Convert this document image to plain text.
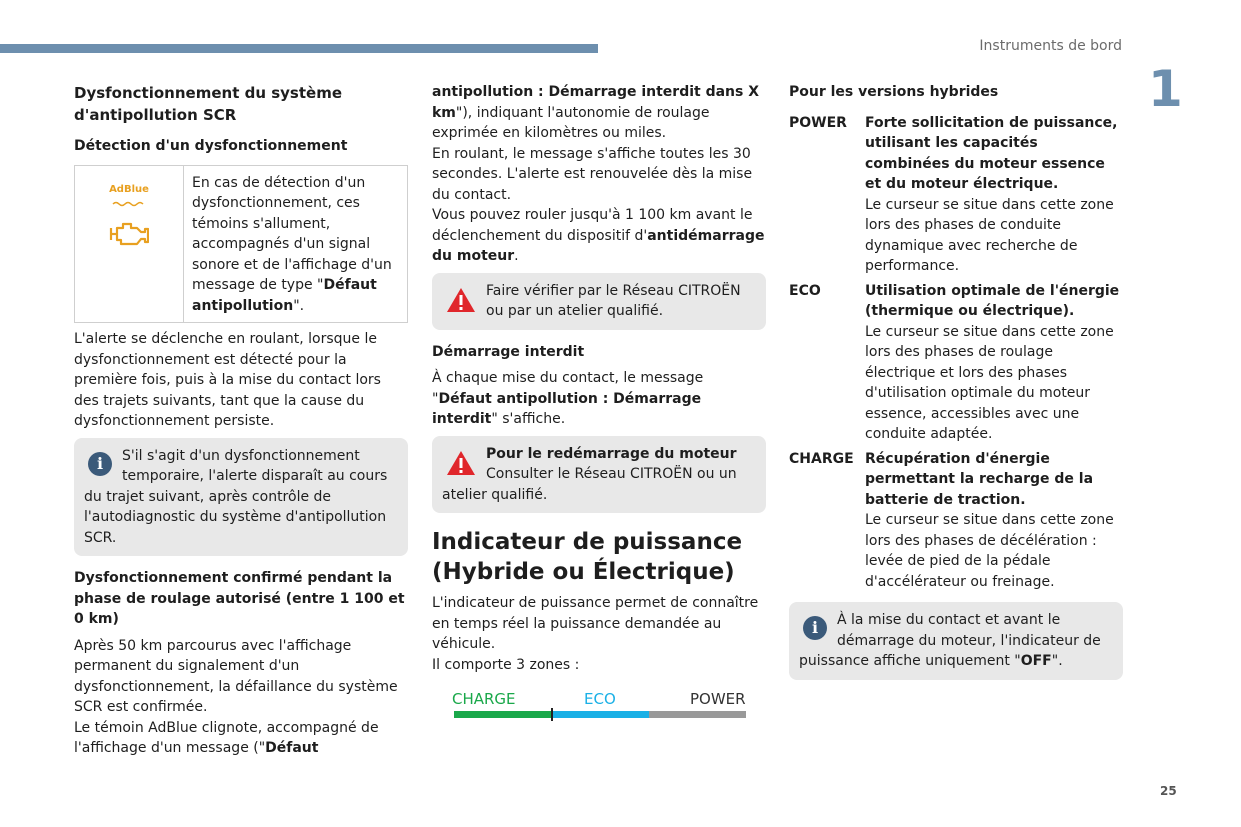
Instruments de bord
1
25
Dysfonctionnement du système d'antipollution SCR
Détection d'un dysfonctionnement
AdBlue	En cas de détection d'un dysfonctionnement, ces témoins s'allument, accompagnés d'un signal sonore et de l'affichage d'un message de type "Défaut antipollution".

L'alerte se déclenche en roulant, lorsque le dysfonctionnement est détecté pour la première fois, puis à la mise du contact lors des trajets suivants, tant que la cause du dysfonctionnement persiste.

i	S'il s'agit d'un dysfonctionnement temporaire, l'alerte disparaît au cours du trajet suivant, après contrôle de l'autodiagnostic du système d'antipollution SCR.
Dysfonctionnement confirmé pendant la phase de roulage autorisé (entre 1 100 et 0 km)

Après 50 km parcourus avec l'affichage permanent du signalement d'un dysfonctionnement, la défaillance du système SCR est confirmée.

Le témoin AdBlue clignote, accompagné de l'affichage d'un message ("Défaut

antipollution : Démarrage interdit dans X km"), indiquant l'autonomie de roulage exprimée en kilomètres ou miles.

En roulant, le message s'affiche toutes les 30 secondes. L'alerte est renouvelée dès la mise du contact.

Vous pouvez rouler jusqu'à 1 100 km avant le déclenchement du dispositif d'antidémarrage du moteur.

Faire vérifier par le Réseau CITROËN ou par un atelier qualifié.
Démarrage interdit

À chaque mise du contact, le message "Défaut antipollution : Démarrage interdit" s'affiche.

Pour le redémarrage du moteur
Consulter le Réseau CITROËN ou un atelier qualifié.
Indicateur de puissance (Hybride ou Électrique)

L'indicateur de puissance permet de connaître en temps réel la puissance demandée au véhicule.

Il comporte 3 zones :

CHARGE	ECO	POWER
Pour les versions hybrides
POWER	Forte sollicitation de puissance, utilisant les capacités combinées du moteur essence et du moteur électrique.
Le curseur se situe dans cette zone lors des phases de conduite dynamique avec recherche de performance.
ECO	Utilisation optimale de l'énergie (thermique ou électrique).
Le curseur se situe dans cette zone lors des phases de roulage électrique et lors des phases d'utilisation optimale du moteur essence, accessibles avec une conduite adaptée.
CHARGE Récupération d'énergie permettant la recharge de la batterie de traction.
Le curseur se situe dans cette zone lors des phases de décélération : levée de pied de la pédale d'accélérateur ou freinage.
i	À la mise du contact et avant le démarrage du moteur, l'indicateur de puissance affiche uniquement "OFF".
